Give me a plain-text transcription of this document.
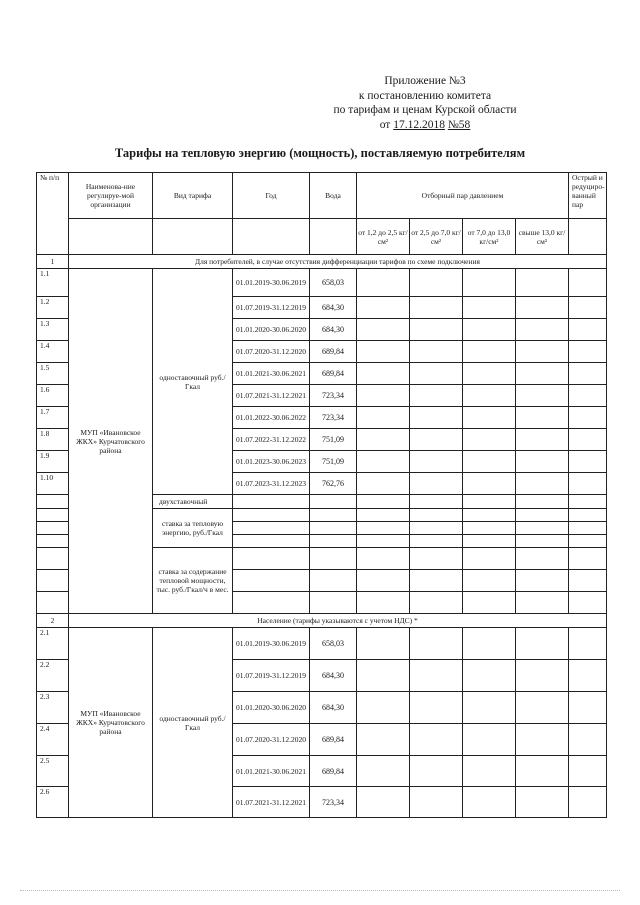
Приложение №3
к постановлению комитета
по тарифам и ценам Курской области
от 17.12.2018 №58
Тарифы на тепловую энергию (мощность), поставляемую потребителям
№ п/п	Наименова-ние регулируе-мой организации	Вид тарифа	Год	Вода	Отборный пар давлением				Острый и редуциро-ванный пар
					от 1,2 до 2,5 кг/см²	от 2,5 до 7,0 кг/см²	от 7,0 до 13,0 кг/см²	свыше 13,0 кг/см²	
1	Для потребителей, в случае отсутствия дифференциации тарифов по схеме подключения								
1.1	МУП «Ивановское ЖКХ» Курчатовского района	одноставочный руб./Гкал	01.01.2019-30.06.2019	658,03					
1.2			01.07.2019-31.12.2019	684,30					
1.3			01.01.2020-30.06.2020	684,30					
1.4			01.07.2020-31.12.2020	689,84					
1.5			01.01.2021-30.06.2021	689,84					
1.6			01.07.2021-31.12.2021	723,34					
1.7			01.01.2022-30.06.2022	723,34					
1.8			01.07.2022-31.12.2022	751,09					
1.9			01.01.2023-30.06.2023	751,09					
1.10			01.07.2023-31.12.2023	762,76					
		двухставочный							
		ставка за тепловую энергию, руб./Гкал							

		ставка за содержание тепловой мощности, тыс. руб./Гкал/ч в мес.							

2	Население (тарифы указываются с учетом НДС) *								
2.1	МУП «Ивановское ЖКХ» Курчатовского района	одноставочный руб./Гкал	01.01.2019-30.06.2019	658,03					
2.2			01.07.2019-31.12.2019	684,30					
2.3			01.01.2020-30.06.2020	684,30					
2.4			01.07.2020-31.12.2020	689,84					
2.5			01.01.2021-30.06.2021	689,84					
2.6			01.07.2021-31.12.2021	723,34					
